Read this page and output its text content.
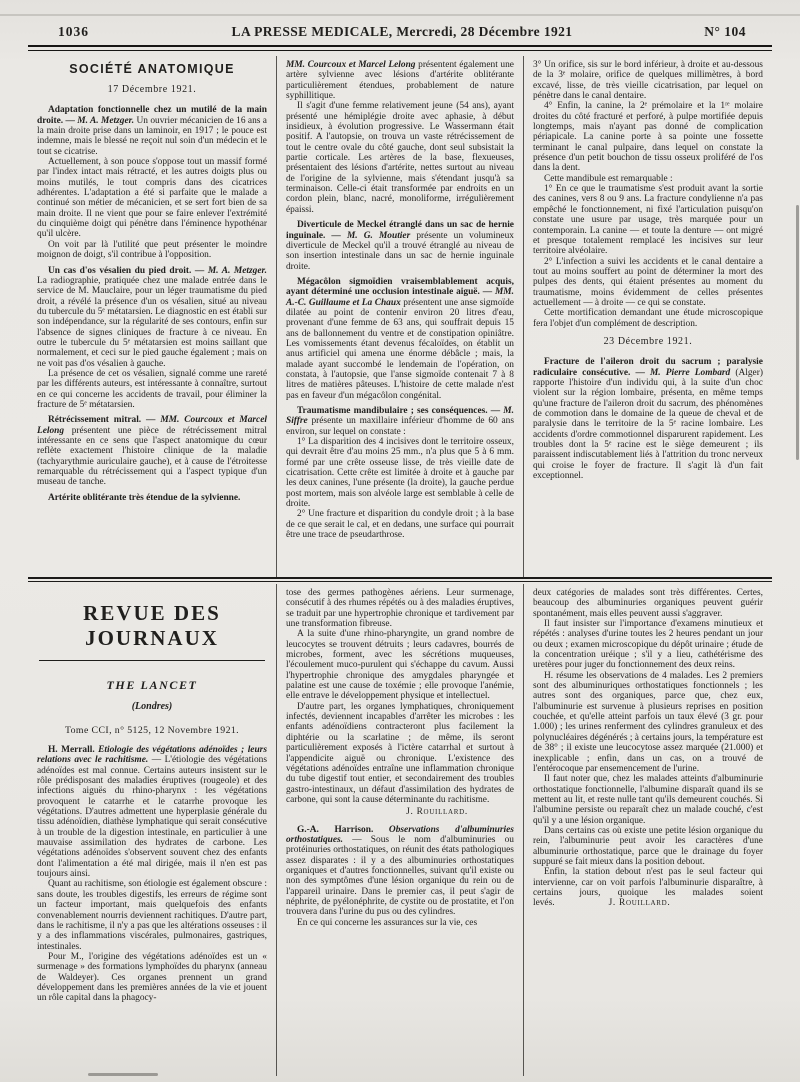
1036	LA PRESSE MEDICALE, Mercredi, 28 Décembre 1921	N° 104
SOCIÉTÉ ANATOMIQUE

17 Décembre 1921.

Adaptation fonctionnelle chez un mutilé de la main droite. — M. A. Metzger. Un ouvrier mécanicien de 16 ans a la main droite prise dans un laminoir, en 1917 ; le pouce est indemne, mais le blessé ne reçoit nul soin d'un médecin et le tout se cicatrise.

Actuellement, à son pouce s'oppose tout un massif formé par l'index intact mais rétracté, et les autres doigts plus ou moins mutilés, le tout compris dans des cicatrices adhérentes. L'adaptation a été si parfaite que le malade a continué son métier de mécanicien, et se sert fort bien de sa main droite. Il ne vient que pour se faire enlever l'extrémité du cinquième doigt qui pénètre dans l'éminence hypothénar qu'il ulcère.

On voit par là l'utilité que peut présenter le moindre moignon de doigt, s'il contribue à l'opposition.

Un cas d'os vésalien du pied droit. — M. A. Metzger. La radiographie, pratiquée chez une malade entrée dans le service de M. Mauclaire, pour un léger traumatisme du pied droit, a révélé la présence d'un os vésalien, situé au niveau du tubercule du 5ᵉ métatarsien. Le diagnostic en est établi sur son indépendance, sur la régularité de ses contours, enfin sur l'absence de signes cliniques de fracture à ce niveau. En outre le tubercule du 5ᵉ métatarsien est moins saillant que normalement, et ceci sur le pied gauche également ; mais on ne voit pas d'os vésalien à gauche.

La présence de cet os vésalien, signalé comme une rareté par les différents auteurs, est intéressante à connaître, surtout en ce qui concerne les accidents de travail, pour éliminer la fracture de 5ᵉ métatarsien.

Rétrécissement mitral. — MM. Courcoux et Marcel Lelong présentent une pièce de rétrécissement mitral intéressante en ce sens que l'aspect anatomique du cœur reflète exactement l'histoire clinique de la maladie (tachyarythmie auriculaire gauche), et à cause de l'étroitesse remarquable du rétrécissement qui a l'aspect typique d'un museau de tanche.

Artérite oblitérante très étendue de la sylvienne.

MM. Courcoux et Marcel Lelong présentent également une artère sylvienne avec lésions d'artérite oblitérante particulièrement étendues, probablement de nature syphillitique.

Il s'agit d'une femme relativement jeune (54 ans), ayant présenté une hémiplégie droite avec aphasie, à début insidieux, à évolution progressive. Le Wassermann était positif. A l'autopsie, on trouva un vaste rétrécissement de tout le centre ovale du côté gauche, dont seul subsistait la partie corticale. Les artères de la base, flexueuses, présentaient des lésions d'artérite, nettes surtout au niveau de l'origine de la sylvienne, mais s'étendant jusqu'à sa terminaison. Celle-ci était transformée par endroits en un cordon plein, blanc, nacré, monoliforme, irrégulièrement épaissi.

Diverticule de Meckel étranglé dans un sac de hernie inguinale. — M. G. Moutier présente un volumineux diverticule de Meckel qu'il a trouvé étranglé au niveau de son insertion intestinale dans un sac de hernie inguinale droite.

Mégacôlon sigmoïdien vraisemblablement acquis, ayant déterminé une occlusion intestinale aiguë. — MM. A.-C. Guillaume et La Chaux présentent une anse sigmoïde dilatée au point de contenir environ 20 litres d'eau, provenant d'une femme de 63 ans, qui souffrait depuis 15 ans de ballonnement du ventre et de constipation opiniâtre. Les vomissements étant devenus fécaloïdes, on établit un anus artificiel qui amena une énorme débâcle ; mais, la malade ayant succombé le lendemain de l'opération, on constata, à l'autopsie, que l'anse sigmoïde contenait 7 à 8 litres de matières pâteuses. L'histoire de cette malade n'est pas en faveur d'un mégacôlon congénital.

Traumatisme mandibulaire ; ses conséquences. — M. Siffre présente un maxillaire inférieur d'homme de 60 ans environ, sur lequel on constate :

1° La disparition des 4 incisives dont le territoire osseux, qui devrait être d'au moins 25 mm., n'a plus que 5 à 6 mm. formé par une crête osseuse lisse, de très vieille date de cicatrisation. Cette crête est limitée à droite et à gauche par les deux canines, l'une présente (la droite), la gauche perdue post mortem, mais son alvéole large est semblable à celle de droite.

2° Une fracture et disparition du condyle droit ; à la base de ce que serait le cal, et en dedans, une surface qui pourrait être une trace de pseudarthrose.

3° Un orifice, sis sur le bord inférieur, à droite et au-dessous de la 3ᵉ molaire, orifice de quelques millimètres, à bord excavé, lisse, de très vieille cicatrisation, par lequel on pénètre dans le canal dentaire.

4° Enfin, la canine, la 2ᵉ prémolaire et la 1ʳᵉ molaire droites du côté fracturé et perforé, à pulpe mortifiée depuis longtemps, mais n'ayant pas donné de complication périapicale. La canine porte à sa pointe une fossette terminant le canal pulpaire, dans lequel on constate la présence d'un petit bouchon de tissu osseux proliféré de l'os dans la dent.

Cette mandibule est remarquable :

1° En ce que le traumatisme s'est produit avant la sortie des canines, vers 8 ou 9 ans. La fracture condylienne n'a pas empêché le fonctionnement, ni fixé l'articulation puisqu'on constate une usure par usage, très marquée pour un contemporain. La canine — et toute la denture — ont migré et presque totalement remplacé les incisives sur leur territoire alvéolaire.

2° L'infection a suivi les accidents et le canal dentaire a tout au moins souffert au point de déterminer la mort des pulpes des dents, qui étaient présentes au moment du traumatisme, moins évidemment de celles présentes actuellement — à droite — ce qui se constate.

Cette mortification demandant une étude microscopique fera l'objet d'un complément de description.

23 Décembre 1921.

Fracture de l'aileron droit du sacrum ; paralysie radiculaire consécutive. — M. Pierre Lombard (Alger) rapporte l'histoire d'un individu qui, à la suite d'un choc violent sur la région lombaire, présenta, en même temps qu'une fracture de l'aileron droit du sacrum, des phénomènes de commotion dans le domaine de la queue de cheval et de paralysie dans le territoire de la 5ᵉ racine lombaire. Les accidents d'ordre commotionnel disparurent rapidement. Les troubles dont la 5ᵉ racine est le siège demeurent ; ils paraissent indiscutablement liés à l'attrition du tronc nerveux qui croise le foyer de fracture. Il s'agit là d'un fait exceptionnel.

REVUE DES JOURNAUX
THE LANCET
(Londres)
Tome CCI, n° 5125, 12 Novembre 1921.

H. Merrall. Etiologie des végétations adénoïdes ; leurs relations avec le rachitisme. — L'étiologie des végétations adénoïdes est mal connue. Certains auteurs insistent sur le rôle prédisposant des maladies éruptives (rougeole) et des infections aiguës du rhino-pharynx : les végétations provoquent le catarrhe et le catarrhe provoque les végétations. D'autres admettent une hyperplasie générale du tissu adénoïdien, diathèse lymphatique qui serait consécutive à un trouble de la digestion intestinale, en particulier à une mauvaise assimilation des hydrates de carbone. Les végétations adénoïdes s'observent souvent chez des enfants dont l'alimentation a été mal dirigée, mais il n'en est pas toujours ainsi.

Quant au rachitisme, son étiologie est également obscure : sans doute, les troubles digestifs, les erreurs de régime sont un facteur important, mais quelquefois des enfants convenablement nourris deviennent rachitiques. D'autre part, dans le rachitisme, il n'y a pas que les altérations osseuses : il y a des inflammations viscérales, pulmonaires, gastriques, intestinales.

Pour M., l'origine des végétations adénoïdes est un « surmenage » des formations lymphoïdes du pharynx (anneau de Waldeyer). Ces organes prennent un grand développement dans les premières années de la vie et jouent un rôle capital dans la phagocy-

tose des germes pathogènes aériens. Leur surmenage, consécutif à des rhumes répétés ou à des maladies éruptives, se traduit par une hypertrophie chronique et tardivement par une transformation fibreuse.

A la suite d'une rhino-pharyngite, un grand nombre de leucocytes se trouvent détruits ; leurs cadavres, bourrés de microbes, forment, avec les sécrétions muqueuses, l'écoulement muco-purulent qui s'échappe du cavum. Aussi l'hypertrophie chronique des amygdales pharyngée et palatine est une cause de toxémie ; elle provoque l'anémie, elle entrave le développement physique et intellectuel.

D'autre part, les organes lymphatiques, chroniquement infectés, deviennent incapables d'arrêter les microbes : les enfants adénoïdiens contracteront plus facilement la diphtérie ou la scarlatine ; de même, ils seront particulièrement exposés à l'ictère catarrhal et surtout à l'appendicite aiguë ou chronique. L'existence des végétations adénoïdes entraîne une inflammation chronique du tube digestif tout entier, et secondairement des troubles gastro-intestinaux, un défaut d'assimilation des hydrates de carbone, qui sont la cause déterminante du rachitisme.

J. Rouillard.

G.-A. Harrison. Observations d'albuminuries orthostatiques. — Sous le nom d'albuminuries ou protéinuries orthostatiques, on réunit des états pathologiques assez disparates : il y a des albuminuries orthostatiques organiques et d'autres fonctionnelles, suivant qu'il existe ou non des symptômes d'une lésion organique du rein ou de l'appareil urinaire. Dans le premier cas, il peut s'agir de néphrite, de pyélonéphrite, de cystite ou de prostatite, et l'on trouvera dans l'urine du pus ou des cylindres.

En ce qui concerne les assurances sur la vie, ces

deux catégories de malades sont très différentes. Certes, beaucoup des albuminuries organiques peuvent guérir spontanément, mais elles peuvent aussi s'aggraver.

Il faut insister sur l'importance d'examens minutieux et répétés : analyses d'urine toutes les 2 heures pendant un jour ou deux ; examen microscopique du dépôt urinaire ; étude de la concentration uréique ; s'il y a lieu, cathétérisme des uretères pour juger du fonctionnement des deux reins.

H. résume les observations de 4 malades. Les 2 premiers sont des albuminuriques orthostatiques fonctionnels ; les autres sont des organiques, parce que, chez eux, l'albuminurie est survenue à plusieurs reprises en position couchée, et qu'elle atteint parfois un taux élevé (3 gr. pour 1.000) ; les urines renferment des cylindres granuleux et des polynucléaires dégénérés ; à certains jours, la température est de 38° ; il existe une leucocytose assez marquée (21.000) et inexplicable ; enfin, dans un cas, on a trouvé de l'entérocoque par ensemencement de l'urine.

Il faut noter que, chez les malades atteints d'albuminurie orthostatique fonctionnelle, l'albumine disparaît quand ils se mettent au lit, et reste nulle tant qu'ils demeurent couchés. Si l'albumine persiste ou reparaît chez un malade couché, c'est qu'il y a une lésion organique.

Dans certains cas où existe une petite lésion organique du rein, l'albuminurie peut avoir les caractères d'une albuminurie orthostatique, parce que le drainage du foyer suppuré se fait mieux dans la position debout.

Enfin, la station debout n'est pas le seul facteur qui intervienne, car on voit parfois l'albuminurie disparaître, à certains jours, quoique les malades soient levés.	J. Rouillard.
